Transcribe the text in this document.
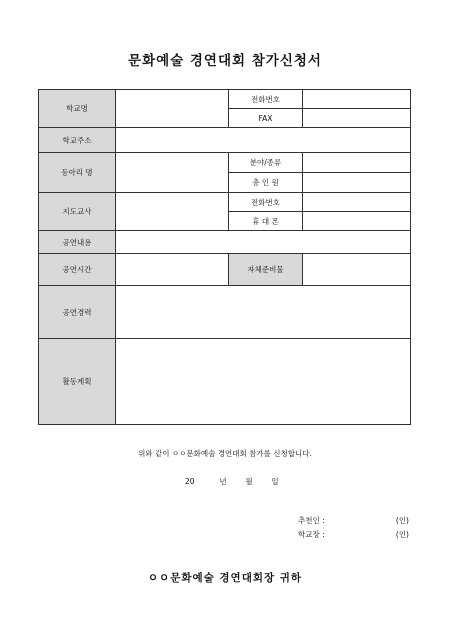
문화예술 경연대회 참가신청서
학교명		전화번호	
		FAX	
학교주소			
동아리 명		분야/종류	
		총 인 원	
지도교사		전화번호	
		휴 대 폰	
공연내용			
공연시간		자체준비물	
공연경력			
활동계획			
위와 같이 ㅇㅇ문화예술 경연대회 참가를 신청합니다.
20	년	월	일
추천인 :	(인)
학교장 :	(인)
ㅇㅇ문화예술 경연대회장 귀하
